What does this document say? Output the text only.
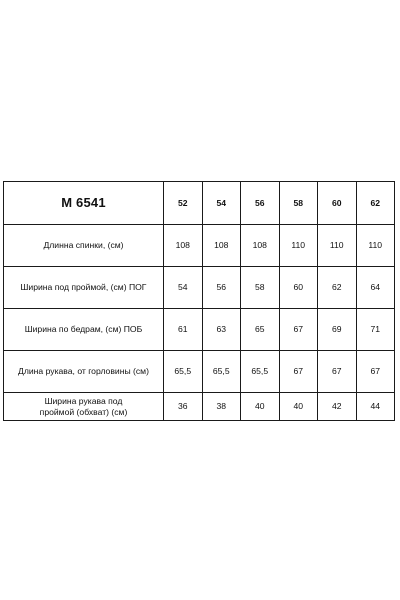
М 6541	52	54	56	58	60	62
Длинна спинки, (см)	108	108	108	110	110	110
Ширина под проймой, (см) ПОГ	54	56	58	60	62	64
Ширина по бедрам, (см) ПОБ	61	63	65	67	69	71
Длина рукава, от горловины (см)	65,5	65,5	65,5	67	67	67
Ширина рукава под
проймой (обхват) (см)	36	38	40	40	42	44
